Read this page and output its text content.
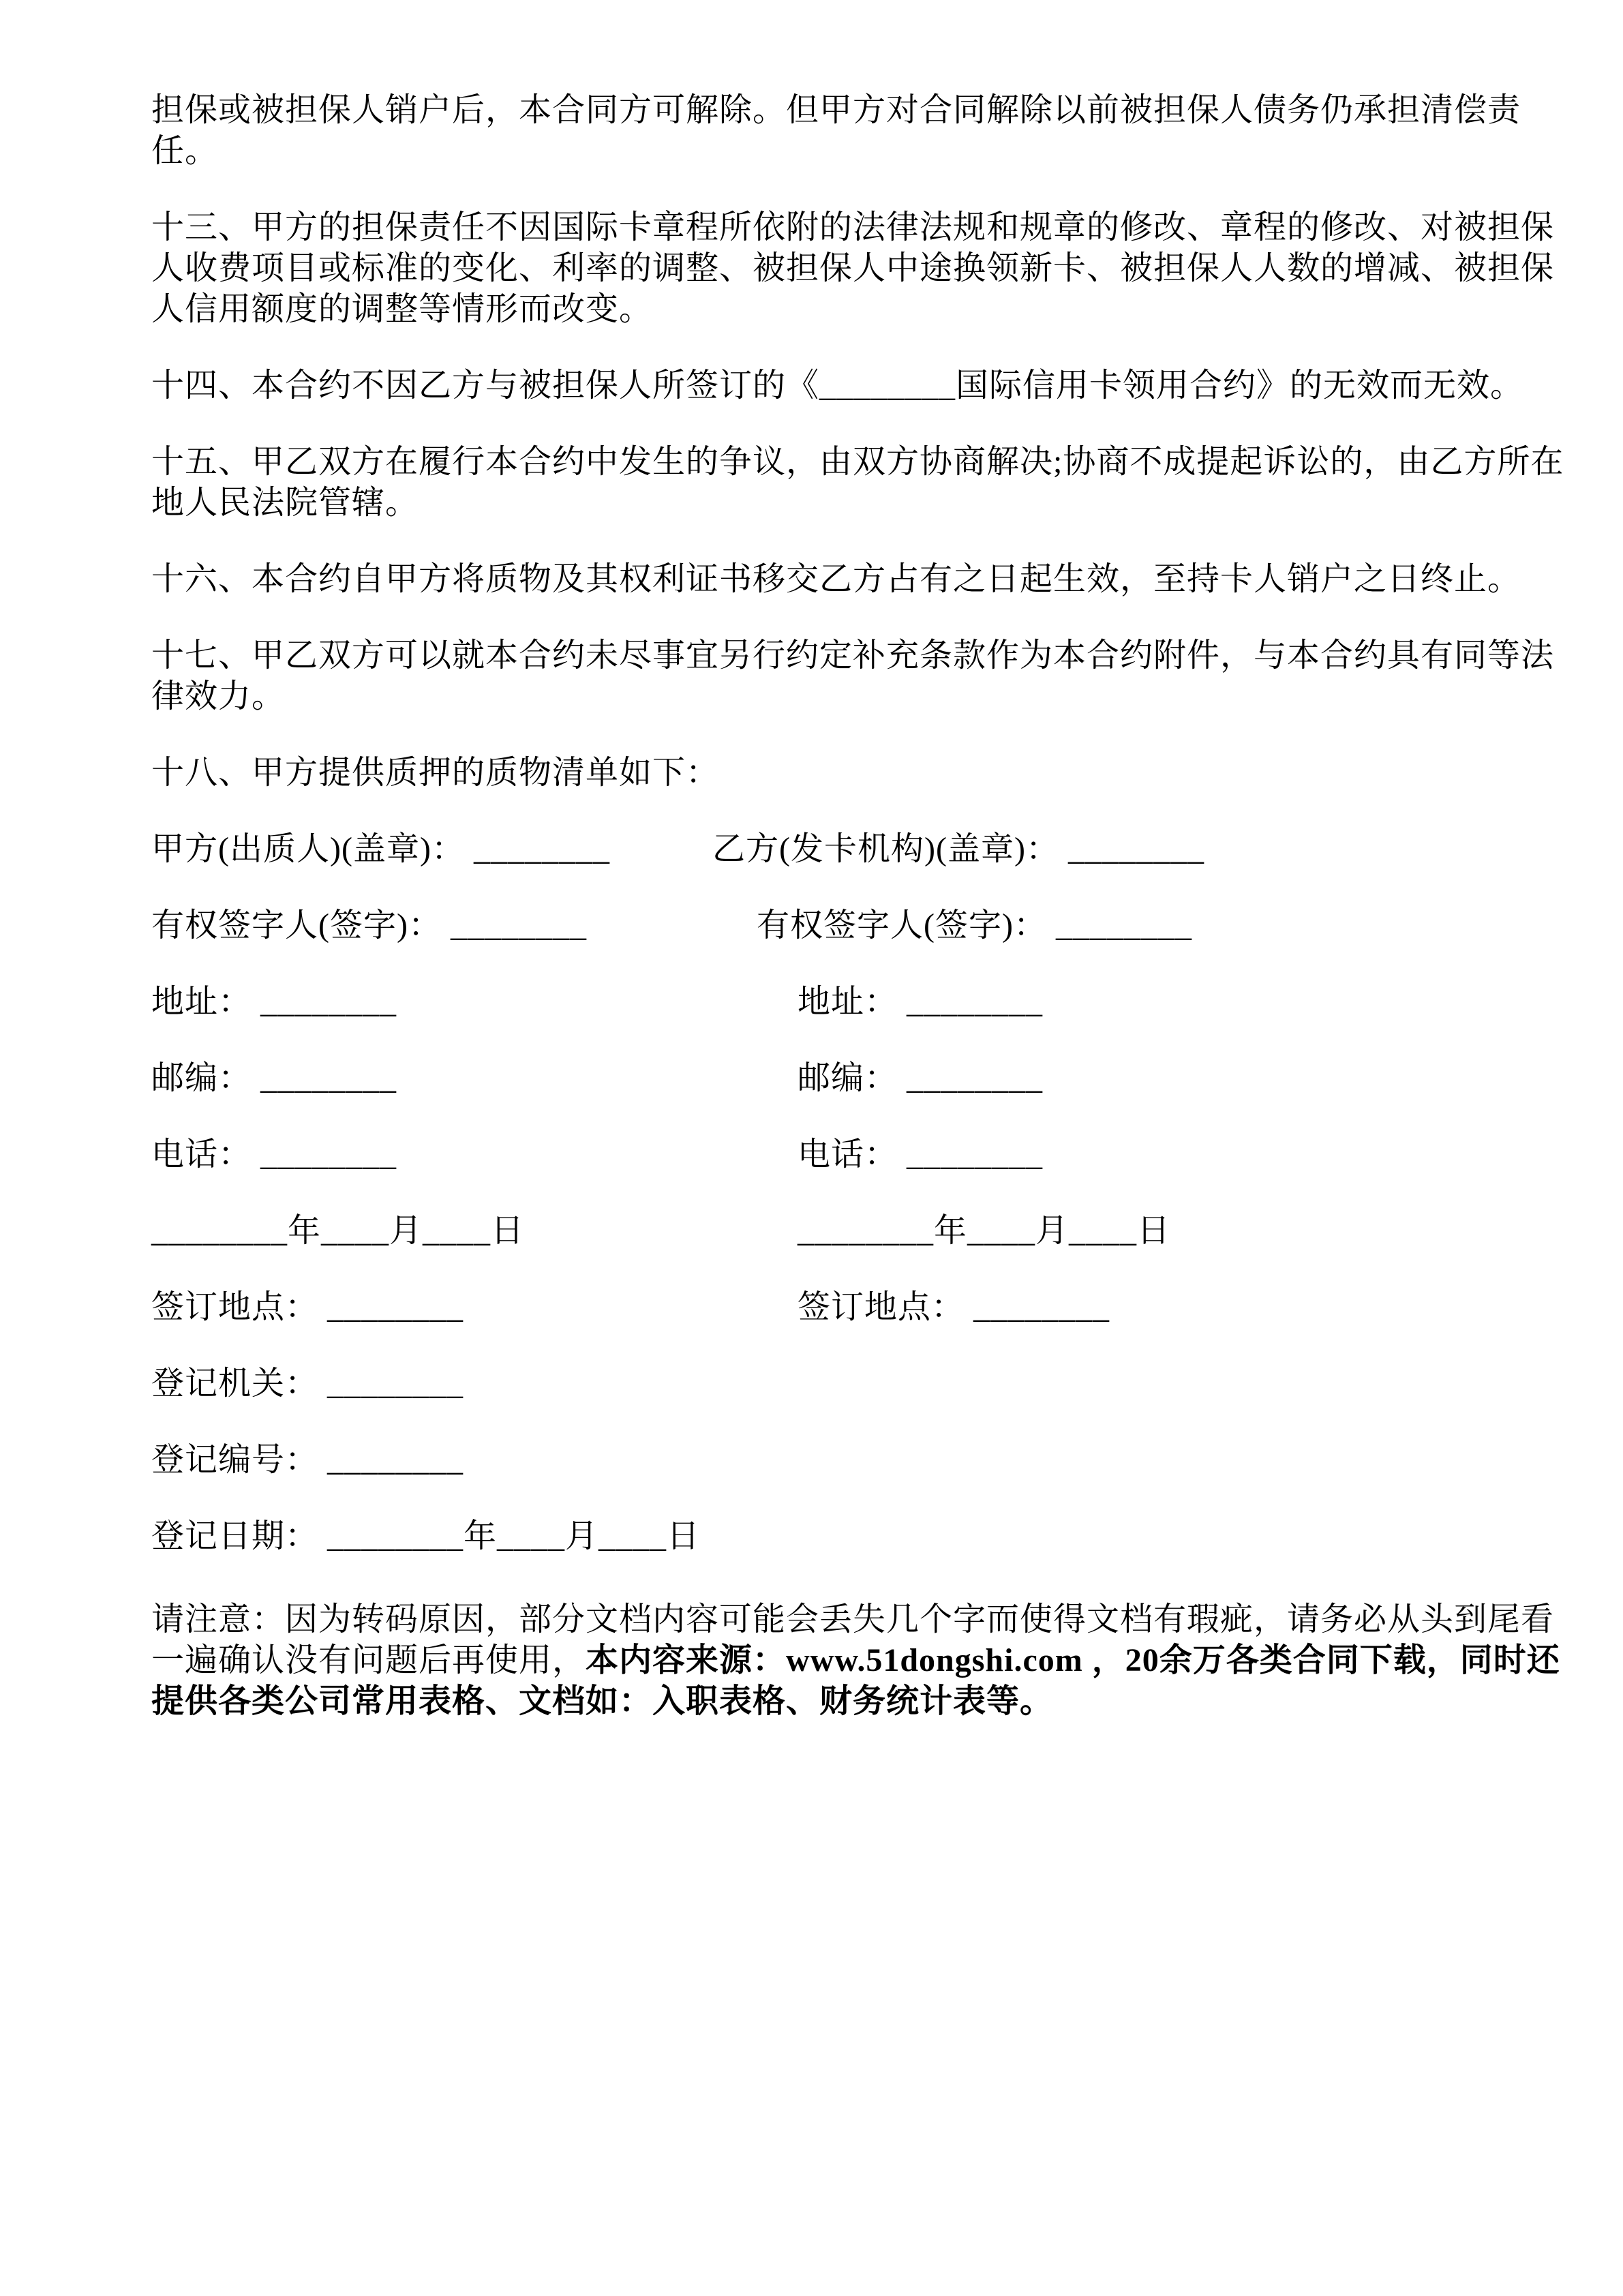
担保或被担保人销户后，本合同方可解除。但甲方对合同解除以前被担保人债务仍承担清偿责任。

十三、甲方的担保责任不因国际卡章程所依附的法律法规和规章的修改、章程的修改、对被担保人收费项目或标准的变化、利率的调整、被担保人中途换领新卡、被担保人人数的增减、被担保人信用额度的调整等情形而改变。

十四、本合约不因乙方与被担保人所签订的《________国际信用卡领用合约》的无效而无效。

十五、甲乙双方在履行本合约中发生的争议，由双方协商解决;协商不成提起诉讼的，由乙方所在地人民法院管辖。

十六、本合约自甲方将质物及其权利证书移交乙方占有之日起生效，至持卡人销户之日终止。

十七、甲乙双方可以就本合约未尽事宜另行约定补充条款作为本合约附件，与本合约具有同等法律效力。

十八、甲方提供质押的质物清单如下：

甲方(出质人)(盖章)： ________	乙方(发卡机构)(盖章)： ________
有权签字人(签字)： ________	有权签字人(签字)： ________
地址： ________	地址： ________
邮编： ________	邮编： ________
电话： ________	电话： ________
________年____月____日	________年____月____日
签订地点： ________	签订地点： ________
登记机关： ________
登记编号： ________
登记日期： ________年____月____日

请注意：因为转码原因，部分文档内容可能会丢失几个字而使得文档有瑕疵，请务必从头到尾看一遍确认没有问题后再使用，本内容来源：www.51dongshi.com ，20余万各类合同下载，同时还提供各类公司常用表格、文档如：入职表格、财务统计表等。
